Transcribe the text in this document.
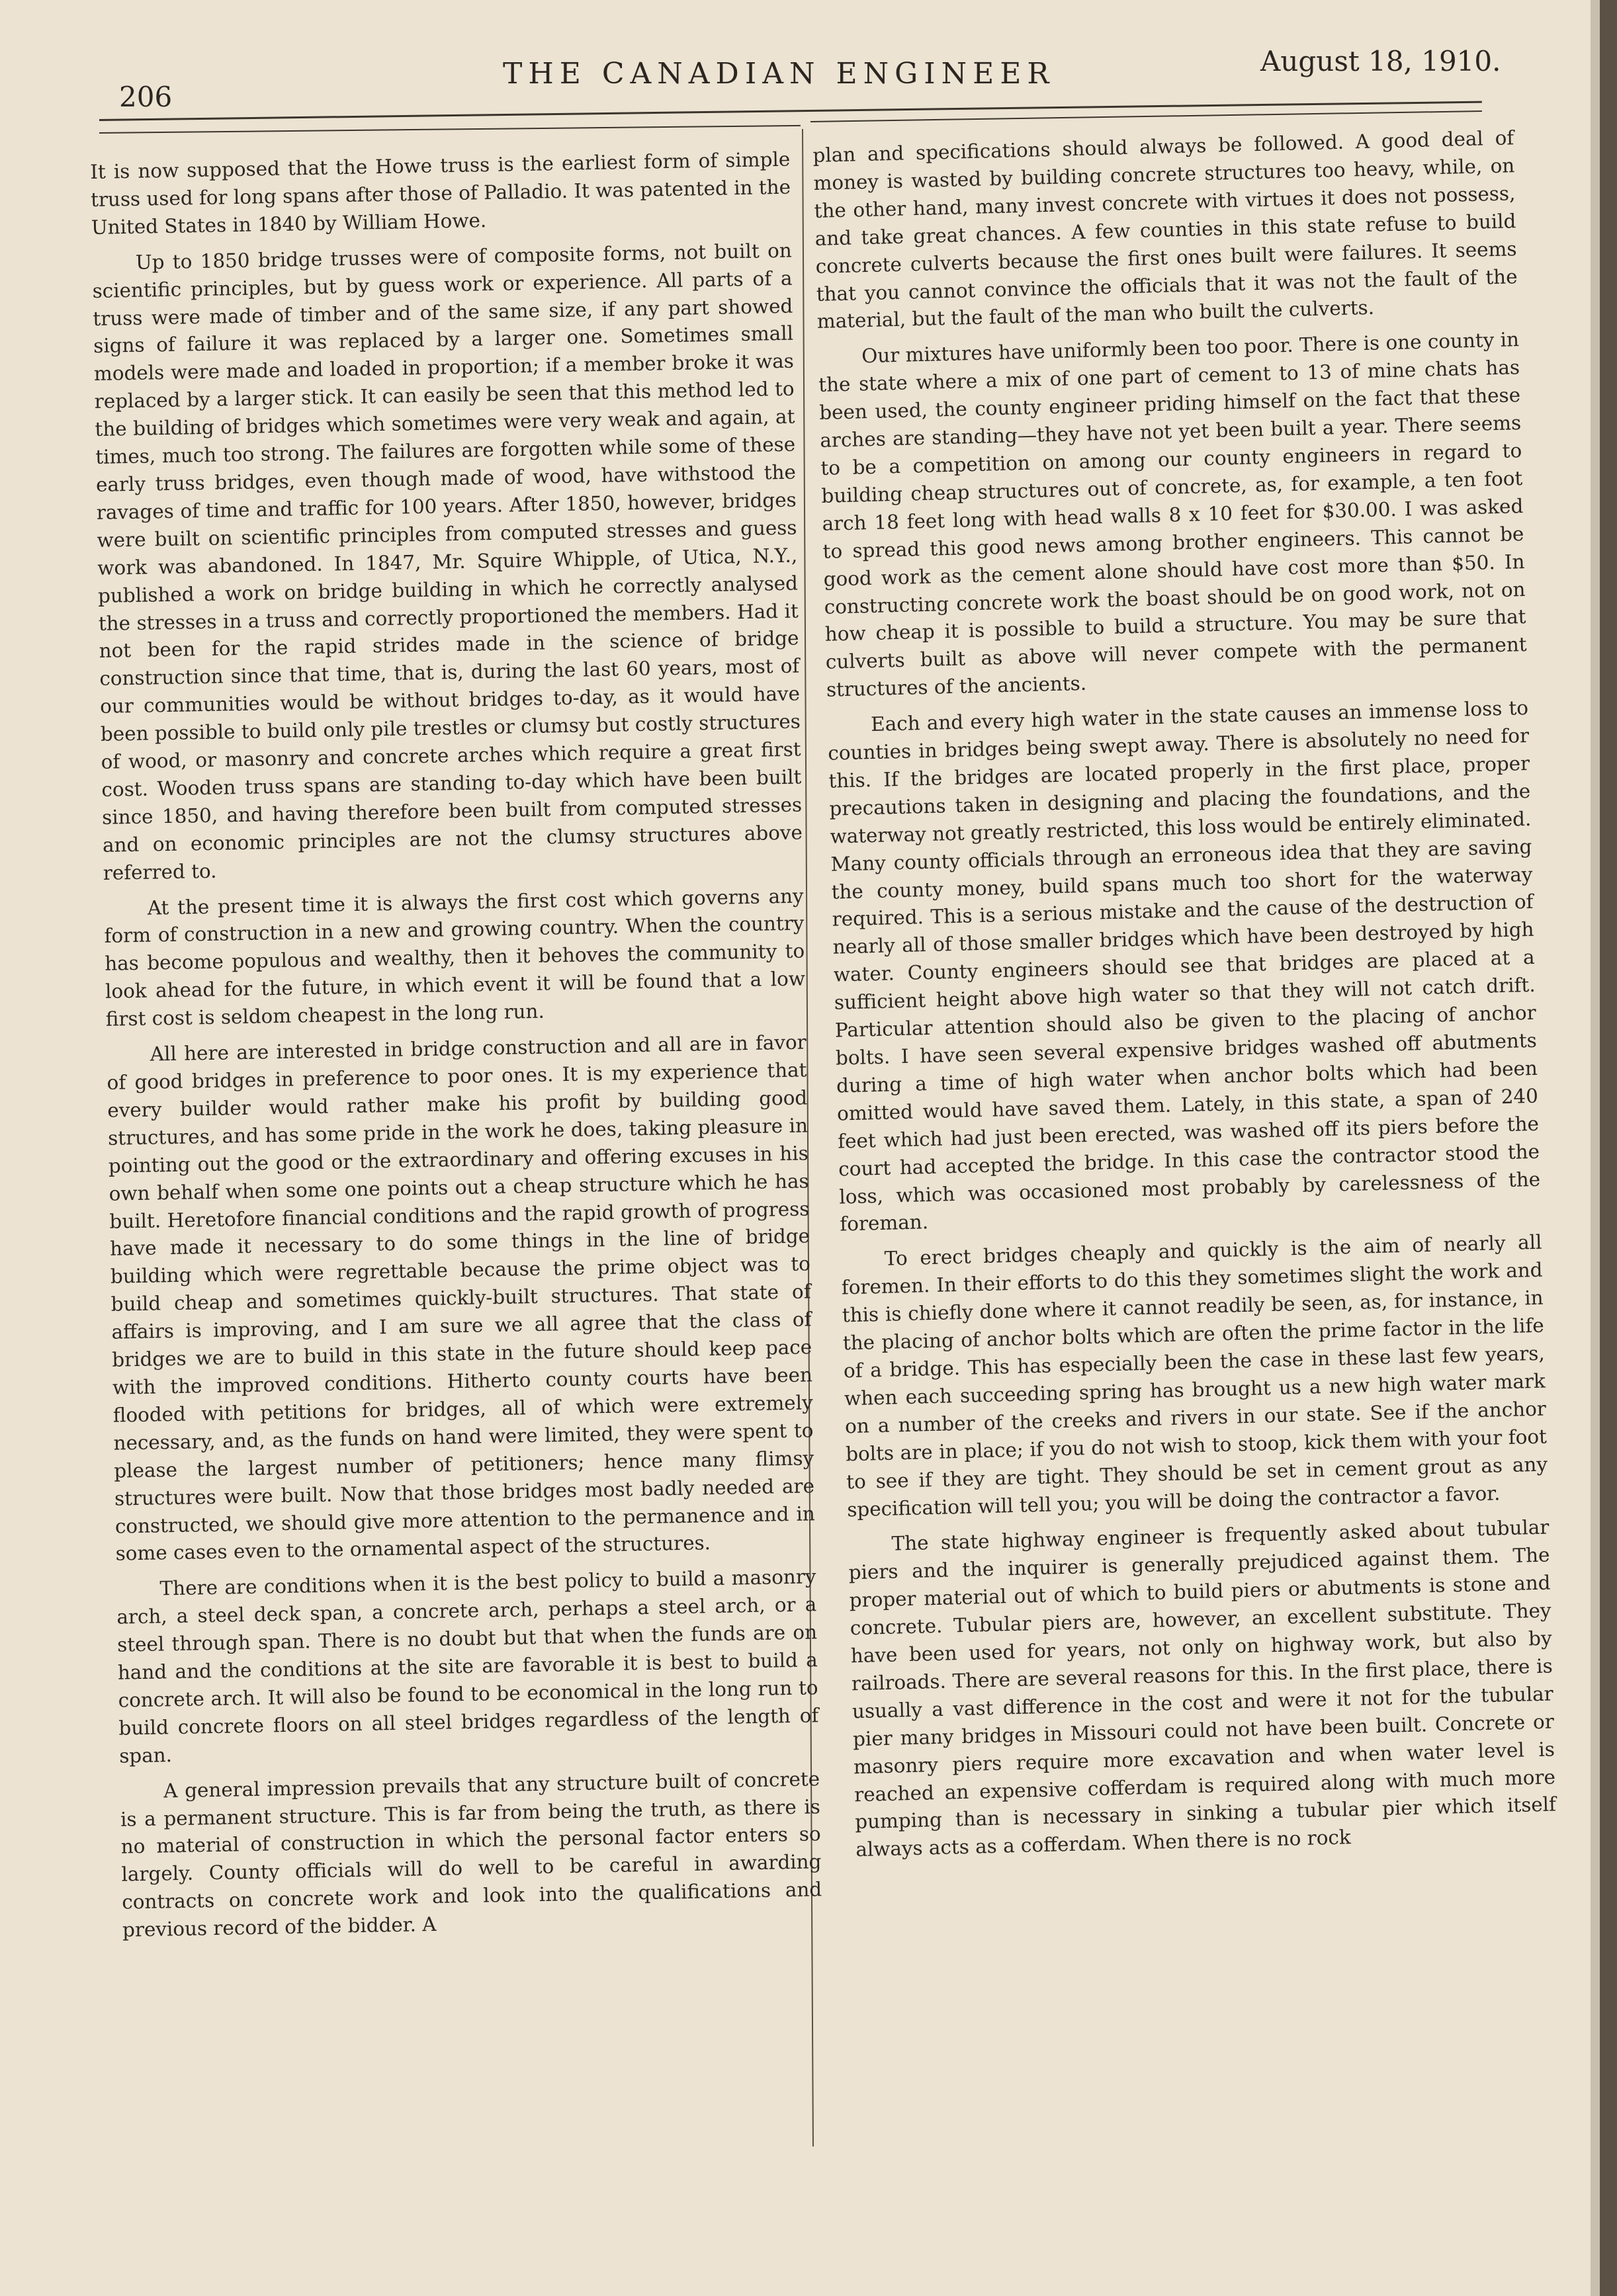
206
THE CANADIAN ENGINEER	August 18, 1910.

It is now supposed that the Howe truss is the earliest form of simple truss used for long spans after those of Palladio. It was patented in the United States in 1840 by William Howe.

Up to 1850 bridge trusses were of composite forms, not built on scientific principles, but by guess work or experience. All parts of a truss were made of timber and of the same size, if any part showed signs of failure it was replaced by a larger one. Sometimes small models were made and loaded in proportion; if a member broke it was replaced by a larger stick. It can easily be seen that this method led to the building of bridges which sometimes were very weak and again, at times, much too strong. The failures are forgotten while some of these early truss bridges, even though made of wood, have withstood the ravages of time and traffic for 100 years. After 1850, however, bridges were built on scientific principles from computed stresses and guess work was abandoned. In 1847, Mr. Squire Whipple, of Utica, N.Y., published a work on bridge building in which he correctly analysed the stresses in a truss and correctly proportioned the members. Had it not been for the rapid strides made in the science of bridge construction since that time, that is, during the last 60 years, most of our communities would be without bridges to-day, as it would have been possible to build only pile trestles or clumsy but costly structures of wood, or masonry and concrete arches which require a great first cost. Wooden truss spans are standing to-day which have been built since 1850, and having therefore been built from computed stresses and on economic principles are not the clumsy structures above referred to.

At the present time it is always the first cost which governs any form of construction in a new and growing country. When the country has become populous and wealthy, then it behoves the community to look ahead for the future, in which event it will be found that a low first cost is seldom cheapest in the long run.

All here are interested in bridge construction and all are in favor of good bridges in preference to poor ones. It is my experience that every builder would rather make his profit by building good structures, and has some pride in the work he does, taking pleasure in pointing out the good or the extraordinary and offering excuses in his own behalf when some one points out a cheap structure which he has built. Heretofore financial conditions and the rapid growth of progress have made it necessary to do some things in the line of bridge building which were regrettable because the prime object was to build cheap and sometimes quickly-built structures. That state of affairs is improving, and I am sure we all agree that the class of bridges we are to build in this state in the future should keep pace with the improved conditions. Hitherto county courts have been flooded with petitions for bridges, all of which were extremely necessary, and, as the funds on hand were limited, they were spent to please the largest number of petitioners; hence many flimsy structures were built. Now that those bridges most badly needed are constructed, we should give more attention to the permanence and in some cases even to the ornamental aspect of the structures.

There are conditions when it is the best policy to build a masonry arch, a steel deck span, a concrete arch, perhaps a steel arch, or a steel through span. There is no doubt but that when the funds are on hand and the conditions at the site are favorable it is best to build a concrete arch. It will also be found to be economical in the long run to build concrete floors on all steel bridges regardless of the length of span.

A general impression prevails that any structure built of concrete is a permanent structure. This is far from being the truth, as there is no material of construction in which the personal factor enters so largely. County officials will do well to be careful in awarding contracts on concrete work and look into the qualifications and previous record of the bidder. A

plan and specifications should always be followed. A good deal of money is wasted by building concrete structures too heavy, while, on the other hand, many invest concrete with virtues it does not possess, and take great chances. A few counties in this state refuse to build concrete culverts because the first ones built were failures. It seems that you cannot convince the officials that it was not the fault of the material, but the fault of the man who built the culverts.

Our mixtures have uniformly been too poor. There is one county in the state where a mix of one part of cement to 13 of mine chats has been used, the county engineer priding himself on the fact that these arches are standing—they have not yet been built a year. There seems to be a competition on among our county engineers in regard to building cheap structures out of concrete, as, for example, a ten foot arch 18 feet long with head walls 8 x 10 feet for $30.00. I was asked to spread this good news among brother engineers. This cannot be good work as the cement alone should have cost more than $50. In constructing concrete work the boast should be on good work, not on how cheap it is possible to build a structure. You may be sure that culverts built as above will never compete with the permanent structures of the ancients.

Each and every high water in the state causes an immense loss to counties in bridges being swept away. There is absolutely no need for this. If the bridges are located properly in the first place, proper precautions taken in designing and placing the foundations, and the waterway not greatly restricted, this loss would be entirely eliminated. Many county officials through an erroneous idea that they are saving the county money, build spans much too short for the waterway required. This is a serious mistake and the cause of the destruction of nearly all of those smaller bridges which have been destroyed by high water. County engineers should see that bridges are placed at a sufficient height above high water so that they will not catch drift. Particular attention should also be given to the placing of anchor bolts. I have seen several expensive bridges washed off abutments during a time of high water when anchor bolts which had been omitted would have saved them. Lately, in this state, a span of 240 feet which had just been erected, was washed off its piers before the court had accepted the bridge. In this case the contractor stood the loss, which was occasioned most probably by carelessness of the foreman.

To erect bridges cheaply and quickly is the aim of nearly all foremen. In their efforts to do this they sometimes slight the work and this is chiefly done where it cannot readily be seen, as, for instance, in the placing of anchor bolts which are often the prime factor in the life of a bridge. This has especially been the case in these last few years, when each succeeding spring has brought us a new high water mark on a number of the creeks and rivers in our state. See if the anchor bolts are in place; if you do not wish to stoop, kick them with your foot to see if they are tight. They should be set in cement grout as any specification will tell you; you will be doing the contractor a favor.

The state highway engineer is frequently asked about tubular piers and the inquirer is generally prejudiced against them. The proper material out of which to build piers or abutments is stone and concrete. Tubular piers are, however, an excellent substitute. They have been used for years, not only on highway work, but also by railroads. There are several reasons for this. In the first place, there is usually a vast difference in the cost and were it not for the tubular pier many bridges in Missouri could not have been built. Concrete or masonry piers require more excavation and when water level is reached an expensive cofferdam is required along with much more pumping than is necessary in sinking a tubular pier which itself always acts as a cofferdam. When there is no rock
